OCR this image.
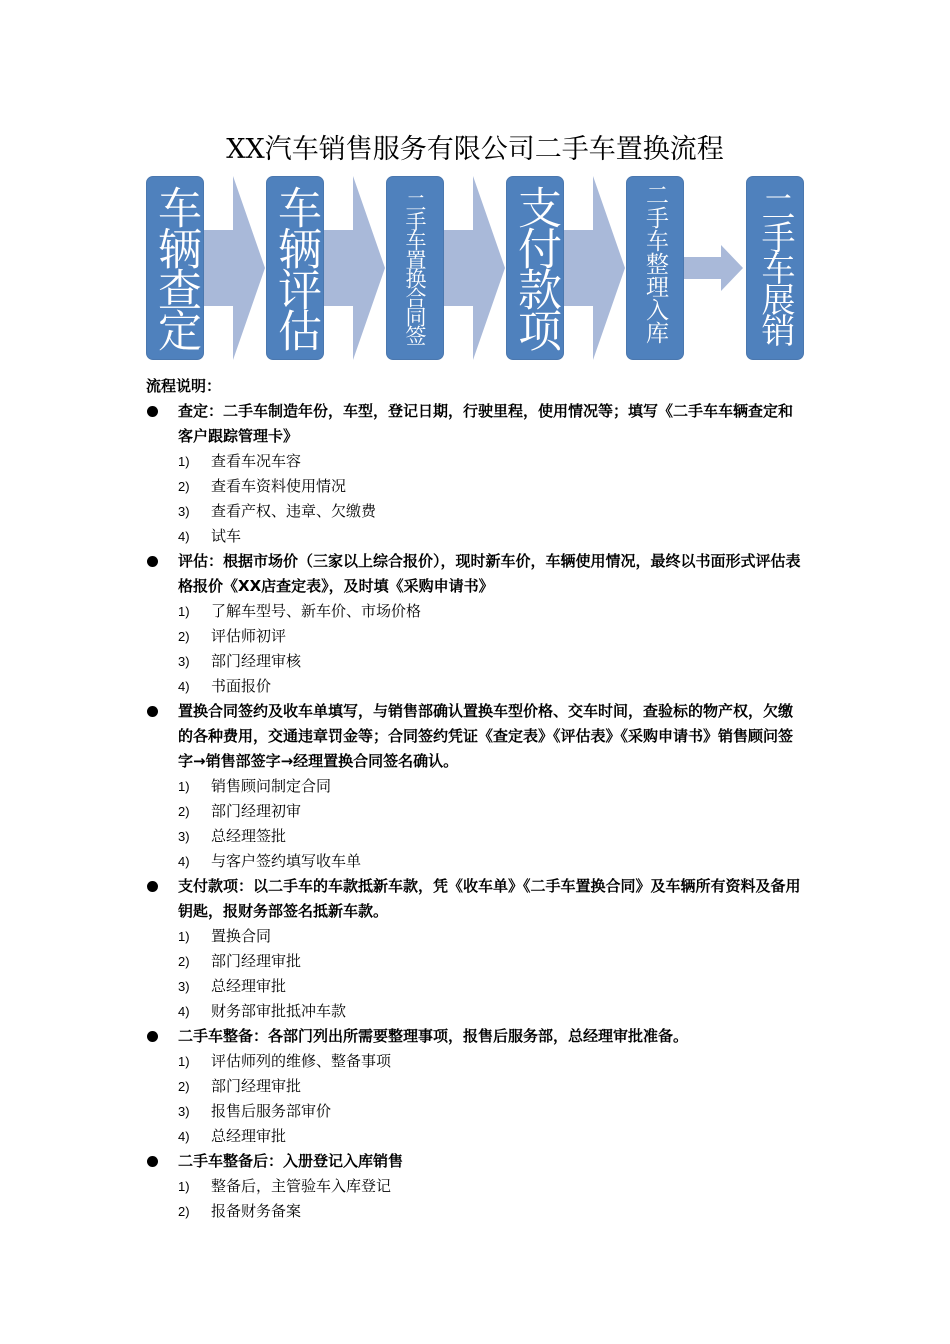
XX汽车销售服务有限公司二手车置换流程
车辆查定 车辆评估	二手车置换合同签 支付款项	二手车整理入库	二手车展销
流程说明：
查定：二手车制造年份，车型，登记日期，行驶里程，使用情况等；填写《二手车车辆查定和客户跟踪管理卡》
1) 查看车况车容
2) 查看车资料使用情况
3) 查看产权、违章、欠缴费
4) 试车
评估：根据市场价（三家以上综合报价），现时新车价，车辆使用情况，最终以书面形式评估表格报价《XX店查定表》，及时填《采购申请书》
1) 了解车型号、新车价、市场价格
2) 评估师初评
3) 部门经理审核
4) 书面报价
置换合同签约及收车单填写，与销售部确认置换车型价格、交车时间，查验标的物产权，欠缴的各种费用，交通违章罚金等；合同签约凭证《查定表》《评估表》《采购申请书》销售顾问签字→销售部签字→经理置换合同签名确认。
1) 销售顾问制定合同
2) 部门经理初审
3) 总经理签批
4) 与客户签约填写收车单
支付款项：以二手车的车款抵新车款，凭《收车单》《二手车置换合同》及车辆所有资料及备用钥匙，报财务部签名抵新车款。
1) 置换合同
2) 部门经理审批
3) 总经理审批
4) 财务部审批抵冲车款
二手车整备：各部门列出所需要整理事项，报售后服务部，总经理审批准备。
1) 评估师列的维修、整备事项
2) 部门经理审批
3) 报售后服务部审价
4) 总经理审批
二手车整备后：入册登记入库销售
1) 整备后，主管验车入库登记
2) 报备财务备案
